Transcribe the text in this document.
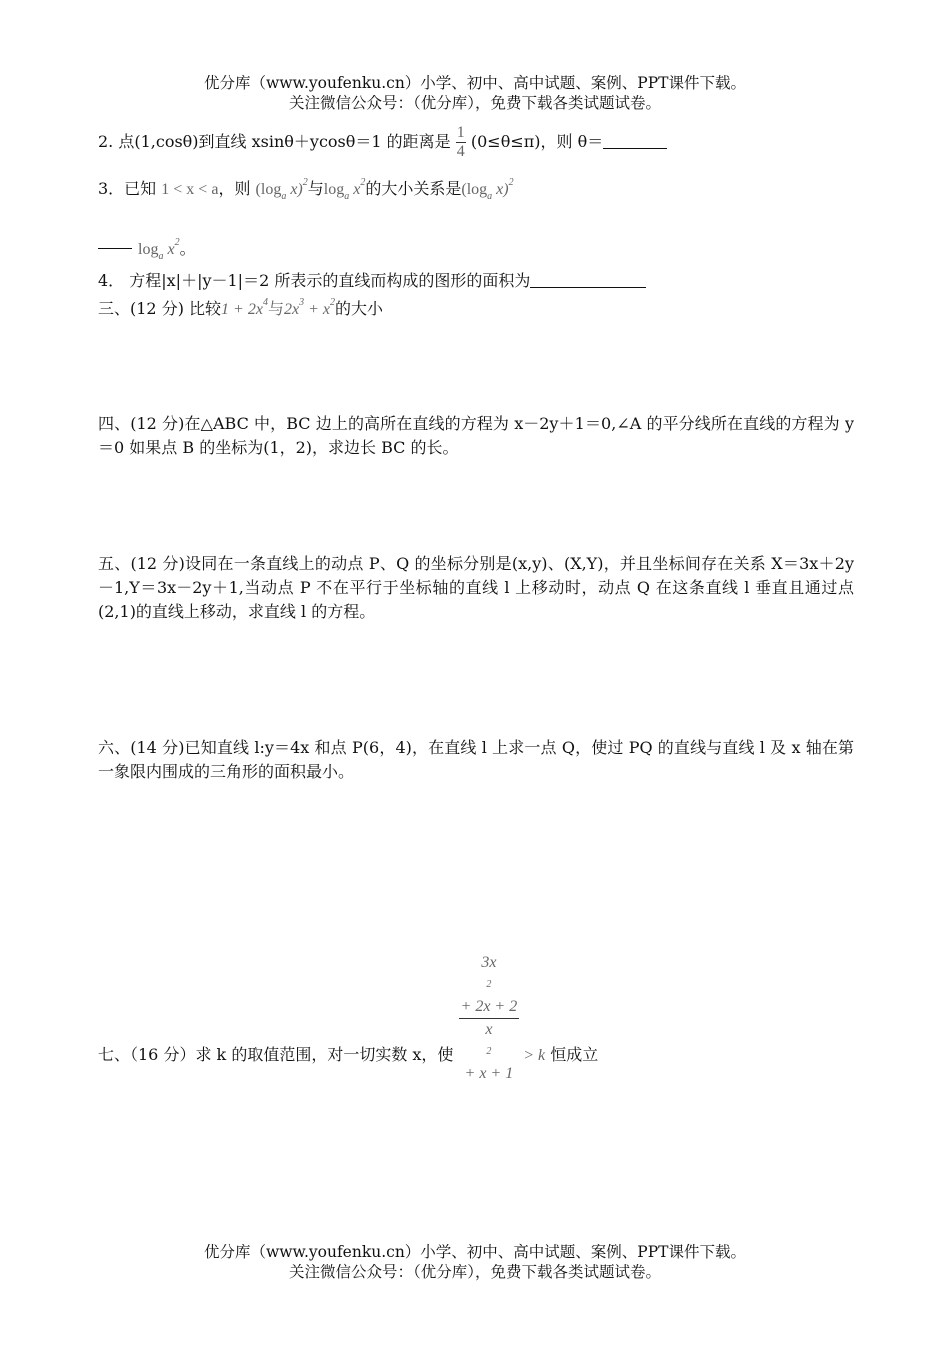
优分库（www.youfenku.cn）小学、初中、高中试题、案例、PPT课件下载。
关注微信公众号：（优分库），免费下载各类试题试卷。
2. 点(1,cosθ)到直线 xsinθ＋ycosθ＝1 的距离是 $\frac{1}{4} (0\le\theta\le\pi)$，则 θ＝
3．已知 1 < x < a，则 ($\log_a$ x)$^2$与$\log_a x^2$的大小关系是($\log_a$ x)$^2$
$\log_a x^2$。
4． 方程|x|＋|y－1|＝2 所表示的直线而构成的图形的面积为
三、(12 分) 比较$1 + 2x^4$与$2x^3 + x^2$的大小
四、(12 分)在△ABC 中，BC 边上的高所在直线的方程为 x－2y＋1＝0,∠A 的平分线所在直线的方程为 y＝0 如果点 B 的坐标为(1，2)，求边长 BC 的长。
五、(12 分)设同在一条直线上的动点 P、Q 的坐标分别是(x,y)、(X,Y)，并且坐标间存在关系 X＝3x＋2y－1,Y＝3x－2y＋1,当动点 P 不在平行于坐标轴的直线 l 上移动时，动点 Q 在这条直线 l 垂直且通过点(2,1)的直线上移动，求直线 l 的方程。
六、(14 分)已知直线 l:y＝4x 和点 P(6，4)，在直线 l 上求一点 Q，使过 PQ 的直线与直线 l 及 x 轴在第一象限内围成的三角形的面积最小。
七、（16 分）求 k 的取值范围，对一切实数 x，使 3x
2
+ 2x + 2
x
2
+ x + 1 > k 恒成立
优分库（www.youfenku.cn）小学、初中、高中试题、案例、PPT课件下载。
关注微信公众号：（优分库），免费下载各类试题试卷。
